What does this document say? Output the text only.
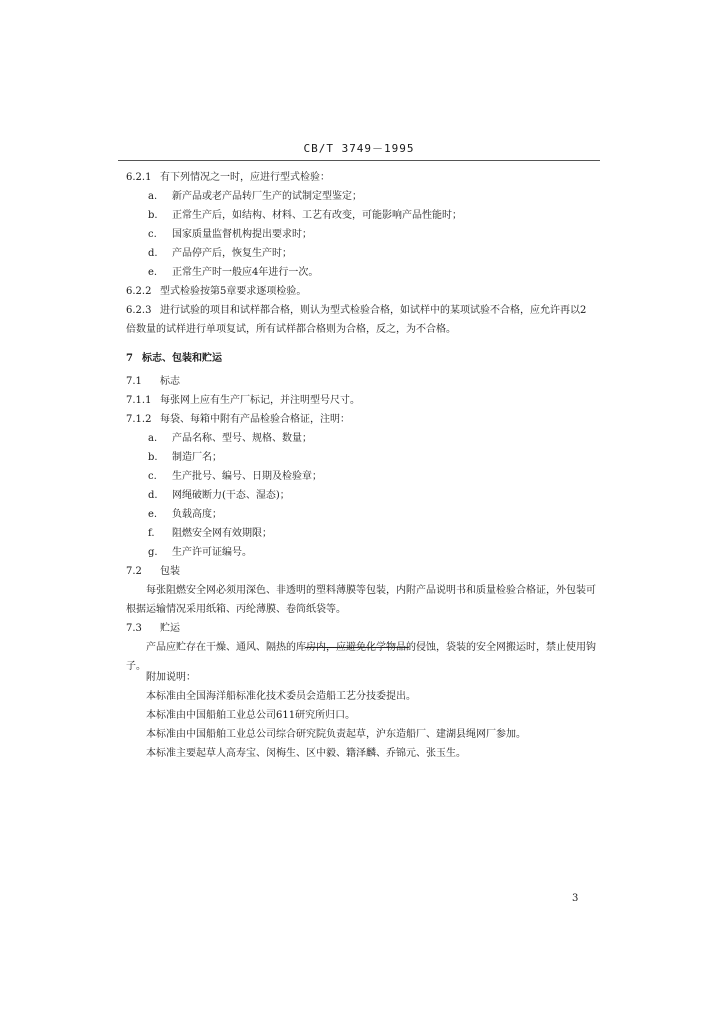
CB/T 3749－1995
6.2.1 有下列情况之一时，应进行型式检验：
a. 新产品或老产品转厂生产的试制定型鉴定；
b. 正常生产后，如结构、材料、工艺有改变，可能影响产品性能时；
c. 国家质量监督机构提出要求时；
d. 产品停产后，恢复生产时；
e. 正常生产时一般应4年进行一次。
6.2.2 型式检验按第5章要求逐项检验。
6.2.3 进行试验的项目和试样都合格，则认为型式检验合格，如试样中的某项试验不合格，应允许再以2倍数量的试样进行单项复试，所有试样都合格则为合格，反之，为不合格。
7 标志、包装和贮运
7.1 标志
7.1.1 每张网上应有生产厂标记，并注明型号尺寸。
7.1.2 每袋、每箱中附有产品检验合格证，注明：
a. 产品名称、型号、规格、数量；
b. 制造厂名；
c. 生产批号、编号、日期及检验章；
d. 网绳破断力(干态、湿态)；
e. 负载高度；
f. 阻燃安全网有效期限；
g. 生产许可证编号。
7.2 包装
每张阻燃安全网必须用深色、非透明的塑料薄膜等包装，内附产品说明书和质量检验合格证，外包装可根据运输情况采用纸箱、丙纶薄膜、卷筒纸袋等。
7.3 贮运
产品应贮存在干燥、通风、隔热的库房内，应避免化学物品的侵蚀，袋装的安全网搬运时，禁止使用钩子。
附加说明：
本标准由全国海洋船标准化技术委员会造船工艺分技委提出。
本标准由中国船舶工业总公司611研究所归口。
本标准由中国船舶工业总公司综合研究院负责起草，沪东造船厂、建湖县绳网厂参加。
本标准主要起草人高寿宝、闵梅生、区中毅、籍泽麟、乔锦元、张玉生。
3
